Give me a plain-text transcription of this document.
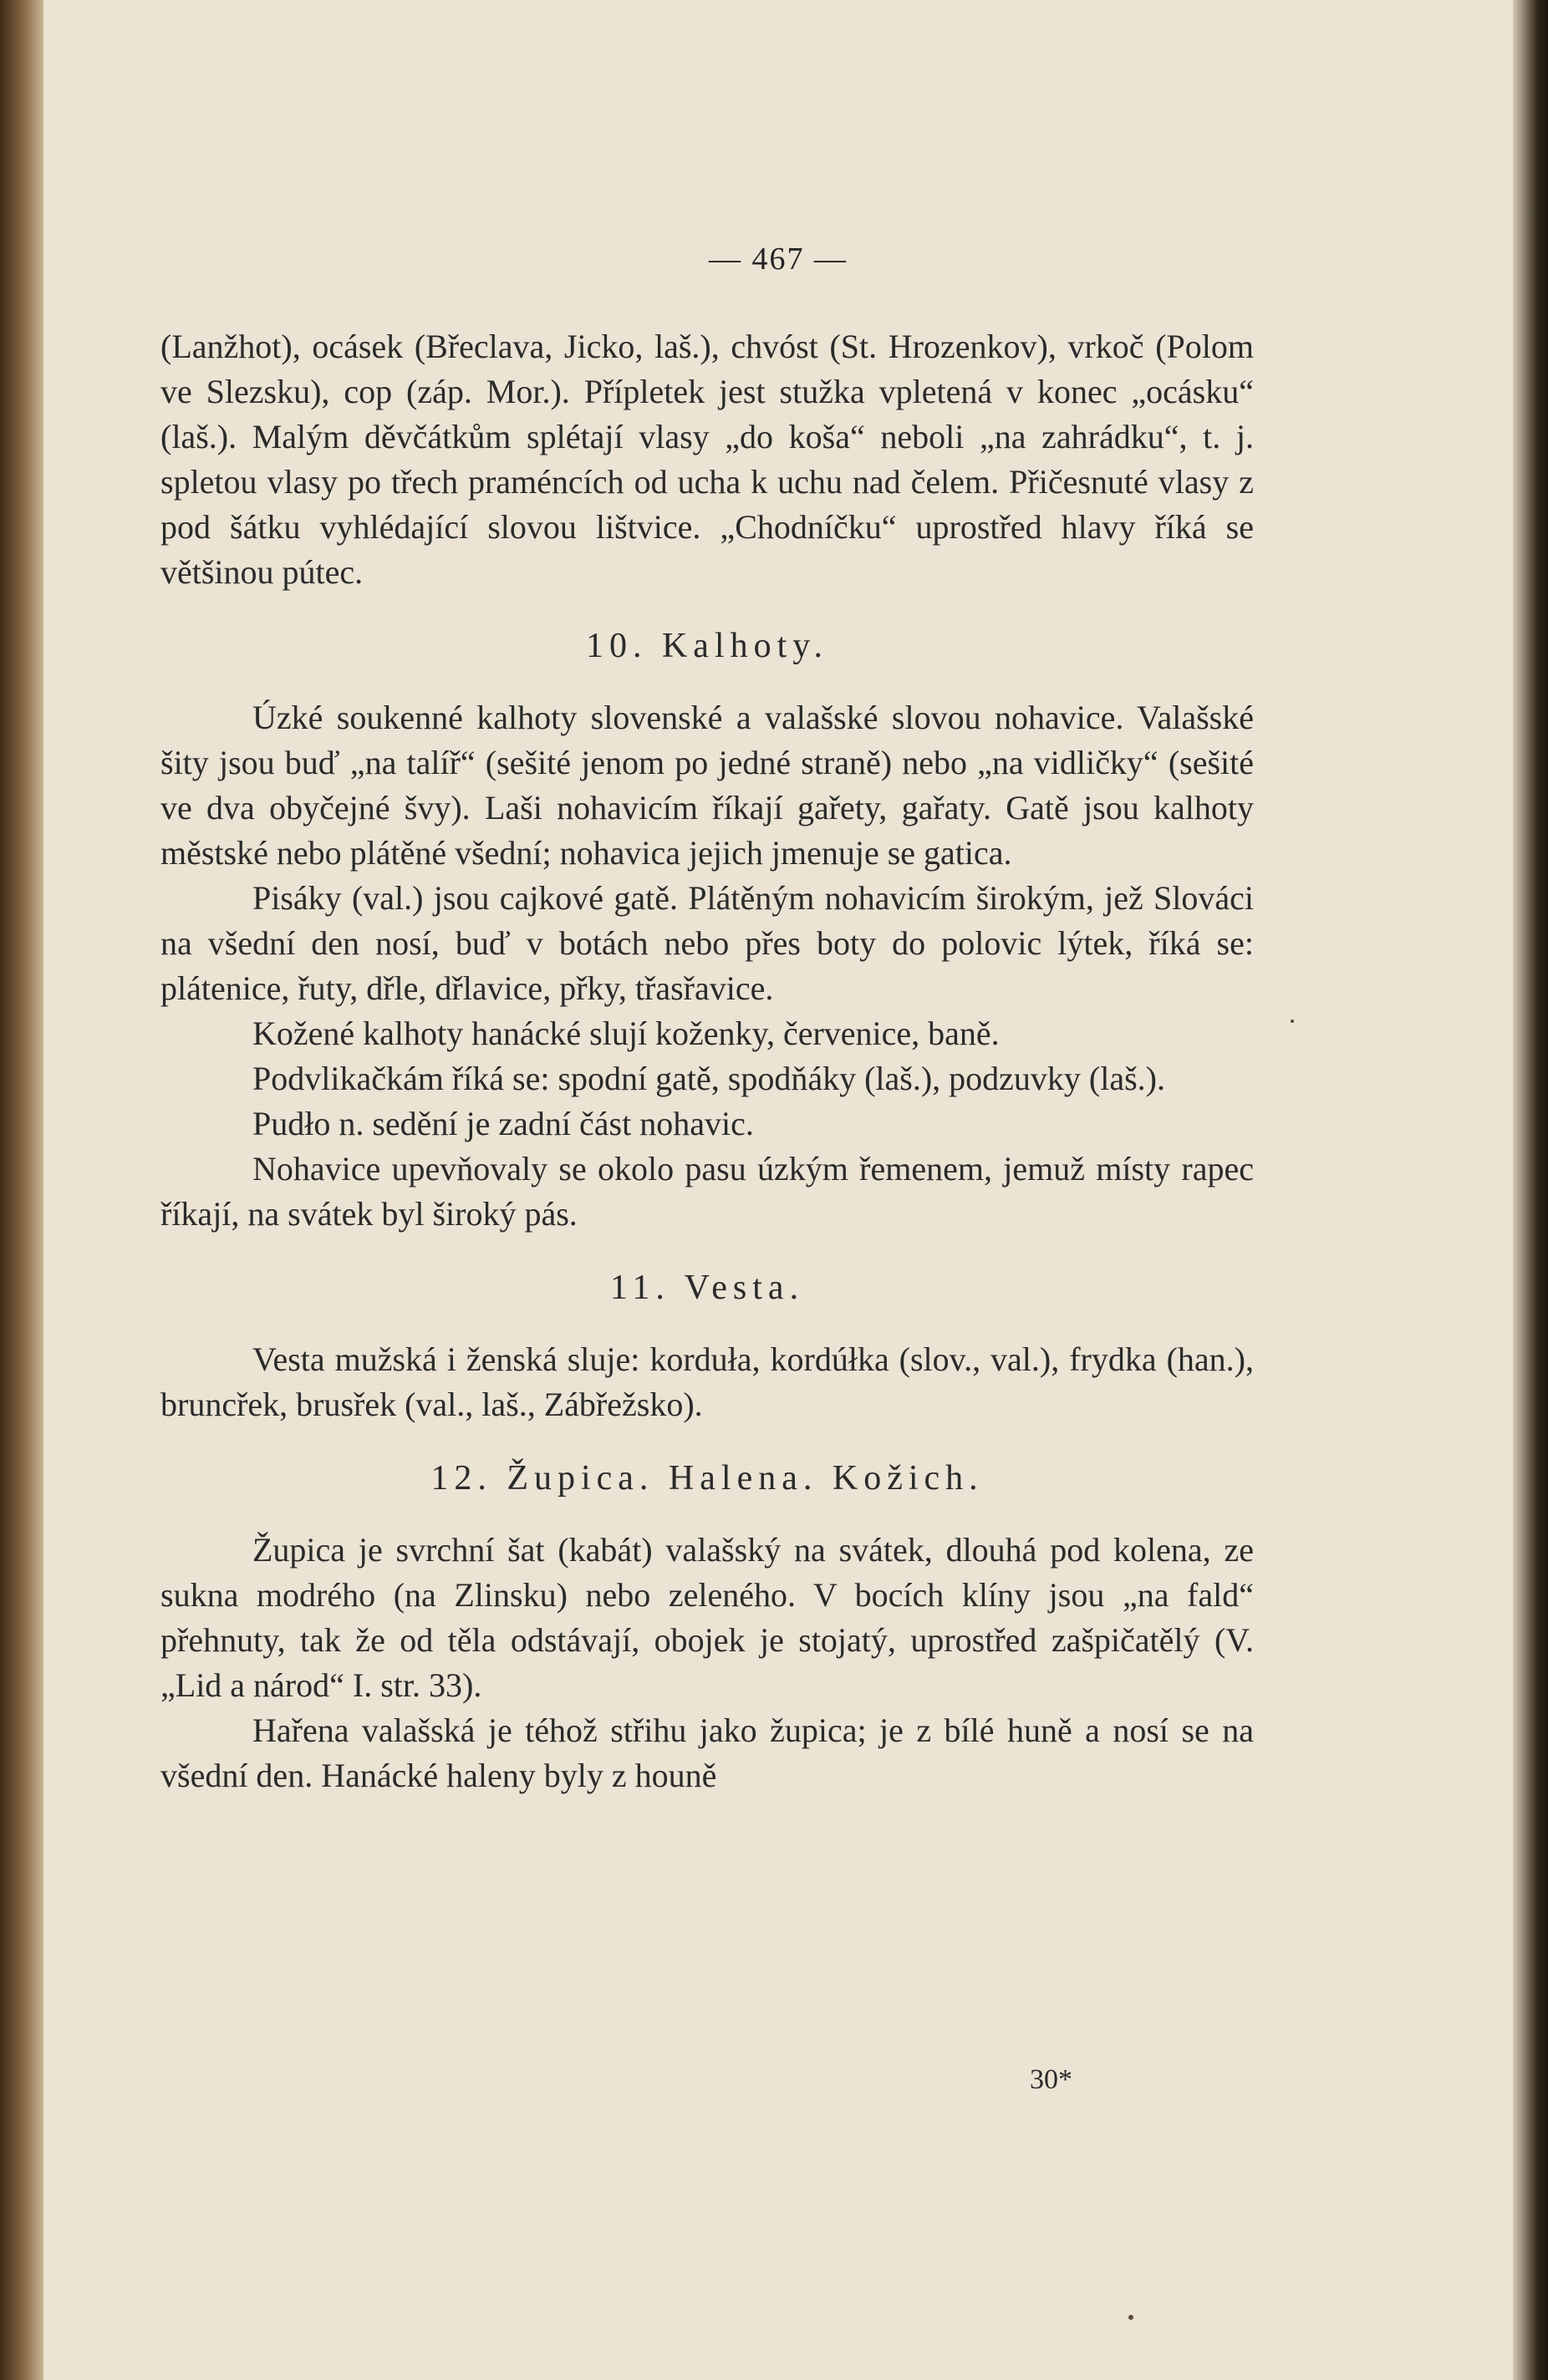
— 467 —

(Lanžhot), ocásek (Břeclava, Jicko, laš.), chvóst (St. Hrozenkov), vrkoč (Polom ve Slezsku), cop (záp. Mor.). Přípletek jest stužka vpletená v konec „ocásku“ (laš.). Malým děvčátkům splétají vlasy „do koša“ neboli „na zahrádku“, t. j. spletou vlasy po třech praméncích od ucha k uchu nad čelem. Přičesnuté vlasy z pod šátku vyhlédající slovou lištvice. „Chodníčku“ uprostřed hlavy říká se většinou pútec.

10. Kalhoty.

Úzké soukenné kalhoty slovenské a valašské slovou nohavice. Valašské šity jsou buď „na talíř“ (sešité jenom po jedné straně) nebo „na vidličky“ (sešité ve dva obyčejné švy). Laši nohavicím říkají gařety, gařaty. Gatě jsou kalhoty městské nebo plátěné všední; nohavica jejich jmenuje se gatica.

Pisáky (val.) jsou cajkové gatě. Plátěným nohavicím širokým, jež Slováci na všední den nosí, buď v botách nebo přes boty do polovic lýtek, říká se: plátenice, řuty, dřle, dřlavice, přky, třasřavice.

Kožené kalhoty hanácké slují koženky, červenice, baně.

Podvlikačkám říká se: spodní gatě, spodňáky (laš.), podzuvky (laš.).

Pudło n. sedění je zadní část nohavic.

Nohavice upevňovaly se okolo pasu úzkým řemenem, jemuž místy rapec říkají, na svátek byl široký pás.

11. Vesta.

Vesta mužská i ženská sluje: kordułа, kordúłka (slov., val.), frydka (han.), bruncřek, brusřek (val., laš., Zábřežsko).

12. Župica. Halena. Kožich.

Župica je svrchní šat (kabát) valašský na svátek, dlouhá pod kolena, ze sukna modrého (na Zlinsku) nebo zeleného. V bocích klíny jsou „na fald“ přehnuty, tak že od těla odstávají, obojek je stojatý, uprostřed zašpičatělý (V. „Lid a národ“ I. str. 33).

Hařena valašská je téhož střihu jako župica; je z bílé huně a nosí se na všední den. Hanácké haleny byly z houně

30*
